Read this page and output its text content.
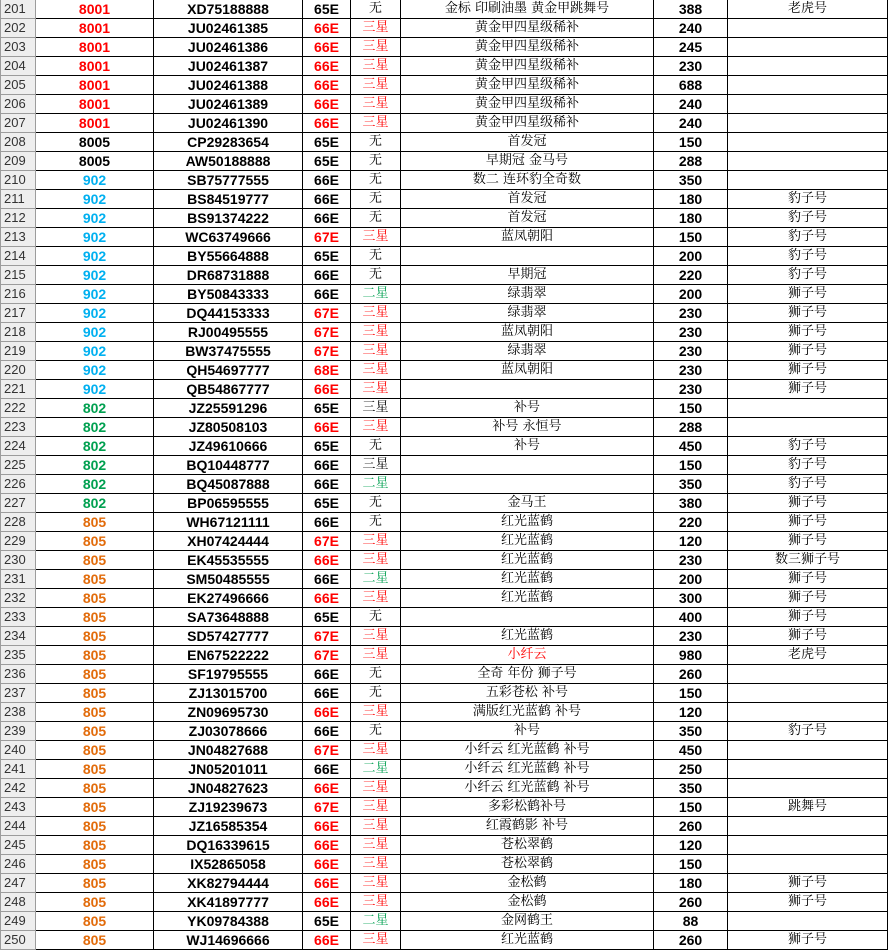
201	8001	XD75188888	65E	无	金标 印刷油墨 黄金甲跳舞号	388	老虎号
202	8001	JU02461385	66E	三星	黄金甲四星级稀补	240	
203	8001	JU02461386	66E	三星	黄金甲四星级稀补	245	
204	8001	JU02461387	66E	三星	黄金甲四星级稀补	230	
205	8001	JU02461388	66E	三星	黄金甲四星级稀补	688	
206	8001	JU02461389	66E	三星	黄金甲四星级稀补	240	
207	8001	JU02461390	66E	三星	黄金甲四星级稀补	240	
208	8005	CP29283654	65E	无	首发冠	150	
209	8005	AW50188888	65E	无	早期冠 金马号	288	
210	902	SB75777555	66E	无	数二 连环豹全奇数	350	
211	902	BS84519777	66E	无	首发冠	180	豹子号
212	902	BS91374222	66E	无	首发冠	180	豹子号
213	902	WC63749666	67E	三星	蓝凤朝阳	150	豹子号
214	902	BY55664888	65E	无		200	豹子号
215	902	DR68731888	66E	无	早期冠	220	豹子号
216	902	BY50843333	66E	二星	绿翡翠	200	狮子号
217	902	DQ44153333	67E	三星	绿翡翠	230	狮子号
218	902	RJ00495555	67E	三星	蓝凤朝阳	230	狮子号
219	902	BW37475555	67E	三星	绿翡翠	230	狮子号
220	902	QH54697777	68E	三星	蓝凤朝阳	230	狮子号
221	902	QB54867777	66E	三星		230	狮子号
222	802	JZ25591296	65E	三星	补号	150	
223	802	JZ80508103	66E	三星	补号 永恒号	288	
224	802	JZ49610666	65E	无	补号	450	豹子号
225	802	BQ10448777	66E	三星		150	豹子号
226	802	BQ45087888	66E	二星		350	豹子号
227	802	BP06595555	65E	无	金马王	380	狮子号
228	805	WH67121111	66E	无	红光蓝鹤	220	狮子号
229	805	XH07424444	67E	三星	红光蓝鹤	120	狮子号
230	805	EK45535555	66E	三星	红光蓝鹤	230	数三狮子号
231	805	SM50485555	66E	二星	红光蓝鹤	200	狮子号
232	805	EK27496666	66E	三星	红光蓝鹤	300	狮子号
233	805	SA73648888	65E	无		400	狮子号
234	805	SD57427777	67E	三星	红光蓝鹤	230	狮子号
235	805	EN67522222	67E	三星	小纤云	980	老虎号
236	805	SF19795555	66E	无	全奇 年份 狮子号	260	
237	805	ZJ13015700	66E	无	五彩苍松 补号	150	
238	805	ZN09695730	66E	三星	满版红光蓝鹤 补号	120	
239	805	ZJ03078666	66E	无	补号	350	豹子号
240	805	JN04827688	67E	三星	小纤云 红光蓝鹤 补号	450	
241	805	JN05201011	66E	二星	小纤云 红光蓝鹤 补号	250	
242	805	JN04827623	66E	三星	小纤云 红光蓝鹤 补号	350	
243	805	ZJ19239673	67E	三星	多彩松鹤补号	150	跳舞号
244	805	JZ16585354	66E	三星	红霞鹤影 补号	260	
245	805	DQ16339615	66E	三星	苍松翠鹤	120	
246	805	IX52865058	66E	三星	苍松翠鹤	150	
247	805	XK82794444	66E	三星	金松鹤	180	狮子号
248	805	XK41897777	66E	三星	金松鹤	260	狮子号
249	805	YK09784388	65E	二星	金网鹤王	88	
250	805	WJ14696666	66E	三星	红光蓝鹤	260	狮子号
